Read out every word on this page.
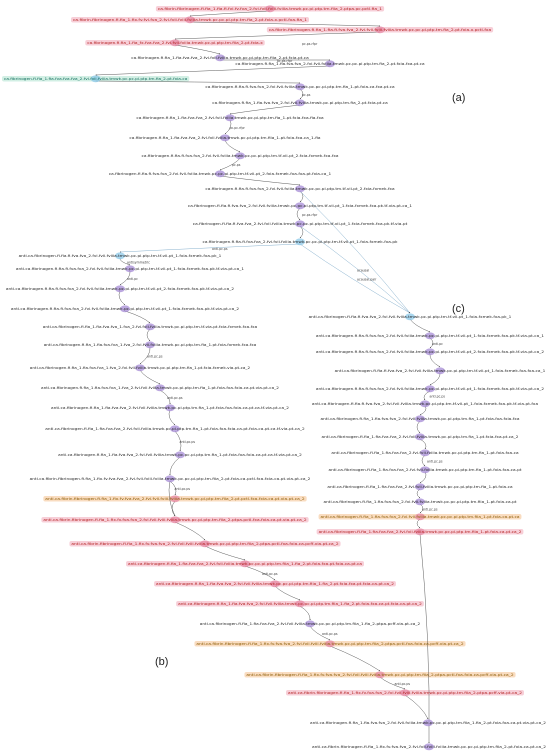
pc.ps.rfpr
pc.ps.rfpr
pc.ps
pc.pc.rfpr
pc.ps
pc.ps.rfpr
anti.pc.ps
antisymmetric
acausal.pair
anti.pc
anti.pc.ps
anti.pc.ps
anti.pc.ps
anti.pc.ps
anti.pc.ps
anti.pc.ps
anti.pc.ps
acausal
anti.pc
anti.pc.ps
anti.pc.ps
anti.pc.ps
ca.fibrin.fibrinogen.fi.fia_1.fia.fi.fvi.fv.fva_2.fvi.fvii.fviii.fviiia.tmwk.pc.pi.ptp.tm.fiia_2.ptpa.pc.pctl.fia_1
ca.fibrin.fibrinogen.fi.fia_1.fix.fv.fvi.fva_2.fvi.fvii.fviii.fviiia.tmwk.pc.pc.pi.ptp.tm.fia_2-pt.fxia-x.pctl-fxa-fia_1
ca.fibrin.fibrinogen.fi.fia_1.fia.fi.fva.fva_2.fvi.fvii.fviii.fviiia.tmwk.pc.pc.pi.ptp.tm.fia_2-pt.fxia-x.pctl-fxa
ca.fibrinogen.fi.fia_1.fia_fx.fva.fva_2.fvi.fvii.fviiia.tmwk.pc.pi.ptp.tm.fiia_2-pt.fxia-x
ca.fibrinogen.fi.fia_1.fia.fva.fva_2.fvi.fvii.fviiia.tmwk.pc.pi.ptp.tm.fiia_2-pt.fxia-pt.ca
ca.fibrinogen.fi.fia_1.fia.fva.fva_2.fvi.fvii.fviiia.tmwk.pc.pc.pi.ptp.tm.fia_2-pt.fxia-fxa-pt.ca
ca.fibrinogen.fi.fia_1.fia.fva.fva.fva_2.fvi.fvii.fviiia.tmwk.pc.pc.pi.ptp.tm.fia_2-pt.fxia-ca
ca.fibrinogen.fi.fia.fi.fva.fva_2.fvi.fvii.fviiia.tmwk.pc.pc.pi.ptp.tm.fia_1-pt.fxia-ca.fxa.pt.ca
ca.fibrinogen.fi.fia_1.fia.fva.fva_2.fvi.fvii.fviiia.tmwk.pc.pi.ptp.tm.fia_2-pt.fxia-pt.ca
ca.fibrinogen.fi.fia_1.fia.fva.fva_2.fvi.fvii.fviiia.tmwk.pc.pi.ptp.tm.fia_1-pt.fxia-fxa-fia-fxa
ca.fibrinogen.fi.fia_1.fia.fva.fva_2.fvi.fvii.fviiia.tmwk.pc.pi.ptp.tm.fiia_1-pt.fxia-fxa-ca_1-fia
ca.fibrinogen.fi.fia.fi.fva.fva_2.fvi.fvii.fviiia.tmwk.pc.pc.pi.ptp.tm.tf-vii-pt_2.fxia-fxmek-fxa-fxa
ca.fibrinogen.fi.fia.fi.fva.fva_2.fvi.fvii.fviiia.tmwk.pc.pc.pi.ptp.tm.tf-vii-pt_2.fxia-fxmek-fxa-fxa-pt.fxia-ca_1
ca.fibrinogen.fi.fia.fi.fva.fva_2.fvi.fvii.fviiia.tmwk.pc.pc.pi.ptp.tm.tf-vii-pt_2.fxia-fxmek-fxa
ca.fibrinogen.fi.fia.fi.fva.fva_2.fvi.fvii.fviiia.tmwk.pc.pc.pi.ptp.tm.tf-vii-pt_1.fxia-fxmek-fxa-pk.tf-via-pt-ca_1
ca.fibrinogen.fi.fia.fi.fva.fva_2.fvi.fvii.fviiia.tmwk.pc.pc.pi.ptp.tm.tf-vii-pt_1.fxia-fxmek-fxa-pk.tf-via-pt
ca.fibrinogen.fi.fia.fi.fva.fva_2.fvi.fvii.fviiia.tmwk.pc.pc.pi.ptp.tm.tf-vii-pt_1.fxia-fxmek-fxa-pk
anti.ca.fibrinogen.fi.fia.fi.fva.fva_2.fvi.fvii.fviiia.tmwk.pc.pi.ptp.tm.tf-vii-pt_1.fxia-fxmek-fxa-pk_1
anti.ca.fibrinogen.fi.fia.fi.fva.fva_2.fvi.fvii.fviiia.tmwk.pc.pi.ptp.tm.tf-vii-pt_1.fxia-fxmek-fxa-pk.tf-via-pt-ca_1
anti.ca.fibrinogen.fi.fia.fi.fva.fva_2.fvi.fvii.fviiia.tmwk.pc.pi.ptp.tm.tf-vii-pt_2.fxia-fxmek-fxa-pk.tf-via-pt-ca_2
anti.ca.fibrinogen.fi.fia.fi.fva.fva_2.fvi.fvii.fviiia.tmwk.pc.pi.ptp.tm.tf-vii-pt_1.fxia-fxmek-fxa-pk.tf-via-pt-ca_2
anti.ca.fibrinogen.fi.fia_1.fia.fva.fva_1.fva_2.fvi.fvii.fviiia.tmwk.pc.pi.ptp.tm.tf-via-pt.fxia-fxmek-fxa-fxa
anti.ca.fibrinogen.fi.fia_1.fia.fva.fva_1.fva_2.fvi.fvii.fviiia.tmwk.pc.pi.ptp.tm.fia_1.pt.fxia-fxmek-fxa-fxa
anti.ca.fibrinogen.fi.fia_1.fia.fva.fva_1.fva_2.fvi.fvii.fviiia.tmwk.pc.pi.ptp.tm.fia_1.pt.fxia-fxmek-via-pt-ca_2
anti.ca.fibrinogen.fi.fia_1.fia.fva.fva_1.fva_2.fvi.fvii.fviiia.tmwk.pc.pi.ptp.tm.fia_1.pt.fxia-fxa-fxia-ca.pt.via-pt-ca_2
anti.ca.fibrinogen.fi.fia_1.fia.fva.fva_2.fvi.fvii.fviiia.tmwk.pc.pi.ptp.tm.fia_1-pt.fxia-fxa-fxia-ca-pt.ca.tf-via-pt-ca_2
anti.ca.fibrinogen.fi.fia_1.fia.fva.fva_2.fvi.fvii.fviiia.tmwk.pc.pi.ptp.tm.fia_1-pt.fxia-fxa-fxia-ca-pt.fxia-ca-pt.ca.tf-via-pt-ca_2
anti.ca.fibrinogen.fi.fia_1.fia.fva.fva_2.fvi.fvii.fviiia.tmwk.pc.pc.pi.ptp.tm.fia_1-pt.fxia-fxa-fxia-ca-pt.ca.tf-via-pt-ca_2
anti.ca.fibrin.fibrinogen.fi.fia_1.fix.fv.fva.fva_2.fvi.fvii.fviii.fviiia.tmwk.pc.pc.pi.ptp.tm.fiia_2-pt.fxia-ca-pctl-fxa-fxia-ca-pt.via-pt-ca_2
anti.ca.fibrin.fibrinogen.fi.fia_1.fix.fv.fva.fva_2.fvi.fvii.fviii.fviiia.tmwk.pc.pi.ptp.tm.fiia_2-pt.pctl-fxa-fxia-ca-pt.via-pt-ca_2
anti.ca.fibrin.fibrinogen.fi.fia_1.fix.fv.fva.fva_2.fvi.fvii.fviii.fviiia.tmwk.pc.pi.ptp.tm.fiia_2-ptpa-pctl-fxa-fxia-ca-pt.via-pt-ca_2
anti.ca.fibrin.fibrinogen.fi.fia_1.fix.fv.fva.fva_2.fvi.fvii.fviii.fviiia.tmwk.pc.pi.ptp.tm.fiia_2-ptpa-pctl-fxa-fxia-ca-pcff-via-pt-ca_2
anti.ca.fibrinogen.fi.fia_1.fia.fva.fva_2.fvi.fvii.fviiia.tmwk.pc.pc.pi.ptp.tm.fiia_1.fia_2.pt.fxia-fxa-pt.fxia-ca-pt.ca
anti.ca.fibrinogen.fi.fia_1.fia.fva.fva_2.fvi.fvii.fviiia.tmwk.pc.pc.pi.ptp.tm.fiia_1.fia_2.pt.fxia-fxa-pt.fxia-ca-pt.ca_2
anti.ca.fibrinogen.fi.fia_1.fia.fva.fva_2.fvi.fvii.fviiia.tmwk.pc.pc.pi.ptp.tm.fiia_1.fia_2.pt.fxia-fxa-ca.pt.fxia-ca-pt.ca_2
anti.ca.fibrinogen.fi.fia_1.fia.fva.fva_2.fvi.fvii.fviiia.tmwk.pc.pc.pi.ptp.tm.fiia_1.fia_2-ptpa-pcff-via-pt-ca_2
anti.ca.fibrin.fibrinogen.fi.fia_1.fix.fv.fva.fva_2.fvi.fvii.fviii.fviiia.tmwk.pc.pi.ptp.tm.fiia_2-ptpa-pctl-fxa-fxia-ca-pcff-via-pt-ca_2
anti.ca.fibrin.fibrinogen.fi.fia_1.fix.fv.fva.fva_2.fvi.fvii.fviii.fviiia.tmwk.pc.pi.ptp.tm.fiia_2-ptpa-pctl-fxa-fxia-ca-pcff-via-pt-ca_2
anti.ca.fibrin.fibrinogen.fi.fia_1.fix.fv.fva.fva_2.fvi.fvii.fviii.fviiia.tmwk.pc.pi.ptp.tm.fiia_2-ptpa-pcff-via-pt-ca_2
anti.ca.fibrinogen.fi.fia_1.fia.fva.fva_2.fvi.fvii.fviiia.tmwk.pc.pc.pi.ptp.tm.fiia_1.fia_2-pt.fxia-fxa-ca-pt.via-pt-ca_2
anti.ca.fibrinogen.fi.fia.fi.fva.fva_2.fvi.fvii.fviiia.tmwk.pc.pi.ptp.tm.tf-vii-pt_1.fxia-fxmek-fxa-pk_1
anti.ca.fibrinogen.fi.fia.fi.fva.fva_2.fvi.fvii.fviiia.tmwk.pc.pi.ptp.tm.tf-vii-pt_1.fxia-fxmek-fxa-pk.tf-via-pt-ca_1
anti.ca.fibrinogen.fi.fia.fi.fva.fva_2.fvi.fvii.fviiia.tmwk.pc.pi.ptp.tm.tf-vii-pt_2.fxia-fxmek-fxa-pk.tf-via-pt-ca_2
anti.ca.fibrinogen.fi.fia.fi.fva.fva_2.fvi.fvii.fviiia.tmwk.pc.pi.ptp.tm.tf-vii-pt_1.fxia-fxmek-fxa-fxa-ca_1
anti.ca.fibrinogen.fi.fia.fi.fva.fva_2.fvi.fvii.fviiia.tmwk.pc.pi.ptp.tm.tf-vii-pt_1.fxia-fxmek-fxa-pk.tf-via-pt-ca_2
anti.ca.fibrinogen.fi.fia.fi.fva.fva_2.fvi.fvii.fviiia.tmwk.pc.pi.ptp.tm.tf-vii-pt_1.fxia-fxmek-fxa-pk.tf-via-pt-fxa
anti.ca.fibrinogen.fi.fia_1.fia.fva.fva_2.fvi.fvii.fviiia.tmwk.pc.pi.ptp.tm.fia_1-pt.fxia-fxa-fxia-fxa
anti.ca.fibrinogen.fi.fia_1.fia.fva.fva_2.fvi.fvii.fviiia.tmwk.pc.pi.ptp.tm.fia_1-pt.fxia-fxa-pt.ca_2
anti.ca.fibrinogen.fi.fia_1.fia.fva.fva_2.fvi.fvii.fviiia.tmwk.pc.pi.ptp.tm.fia_1-pt.fxia-fxa-ca
anti.ca.fibrinogen.fi.fia_1.fia.fva.fva_2.fvi.fvii.fviiia.tmwk.pc.pi.ptp.tm.fia_1-pt.fxia-fxa-ca-pt
anti.ca.fibrinogen.fi.fia_1.fia.fva.fva_2.fvi.fvii.fviiia.tmwk.pc.pc.pi.ptp.tm.fia_1-pt.fxia-ca
anti.ca.fibrinogen.fi.fia_1.fia.fva.fva_2.fvi.fvii.fviiia.tmwk.pc.pc.pi.ptp.tm.fiia_1-pt.fxia-ca-pt
anti.ca.fibrinogen.fi.fia_1.fia.fva.fva_2.fvi.fvii.fviiia.tmwk.pc.pc.pi.ptp.tm.fiia_1-pt.fxia-ca-pt.ca
anti.ca.fibrinogen.fi.fia_1.fia.fva.fva_2.fvi.fvii.fviiia.tmwk.pc.pc.pi.ptp.tm.fiia_1-pt.fxia-ca-pt.ca_2
anti.ca.fibrin.fibrinogen.fi.fia_1.fix.fv.fva.fva_2.fvi.fvii.fviii.fviiia.tmwk.pc.pc.pi.ptp.tm.fiia_2-pt.fxia-ca-pt.ca_2
(a)
(c)
(b)
